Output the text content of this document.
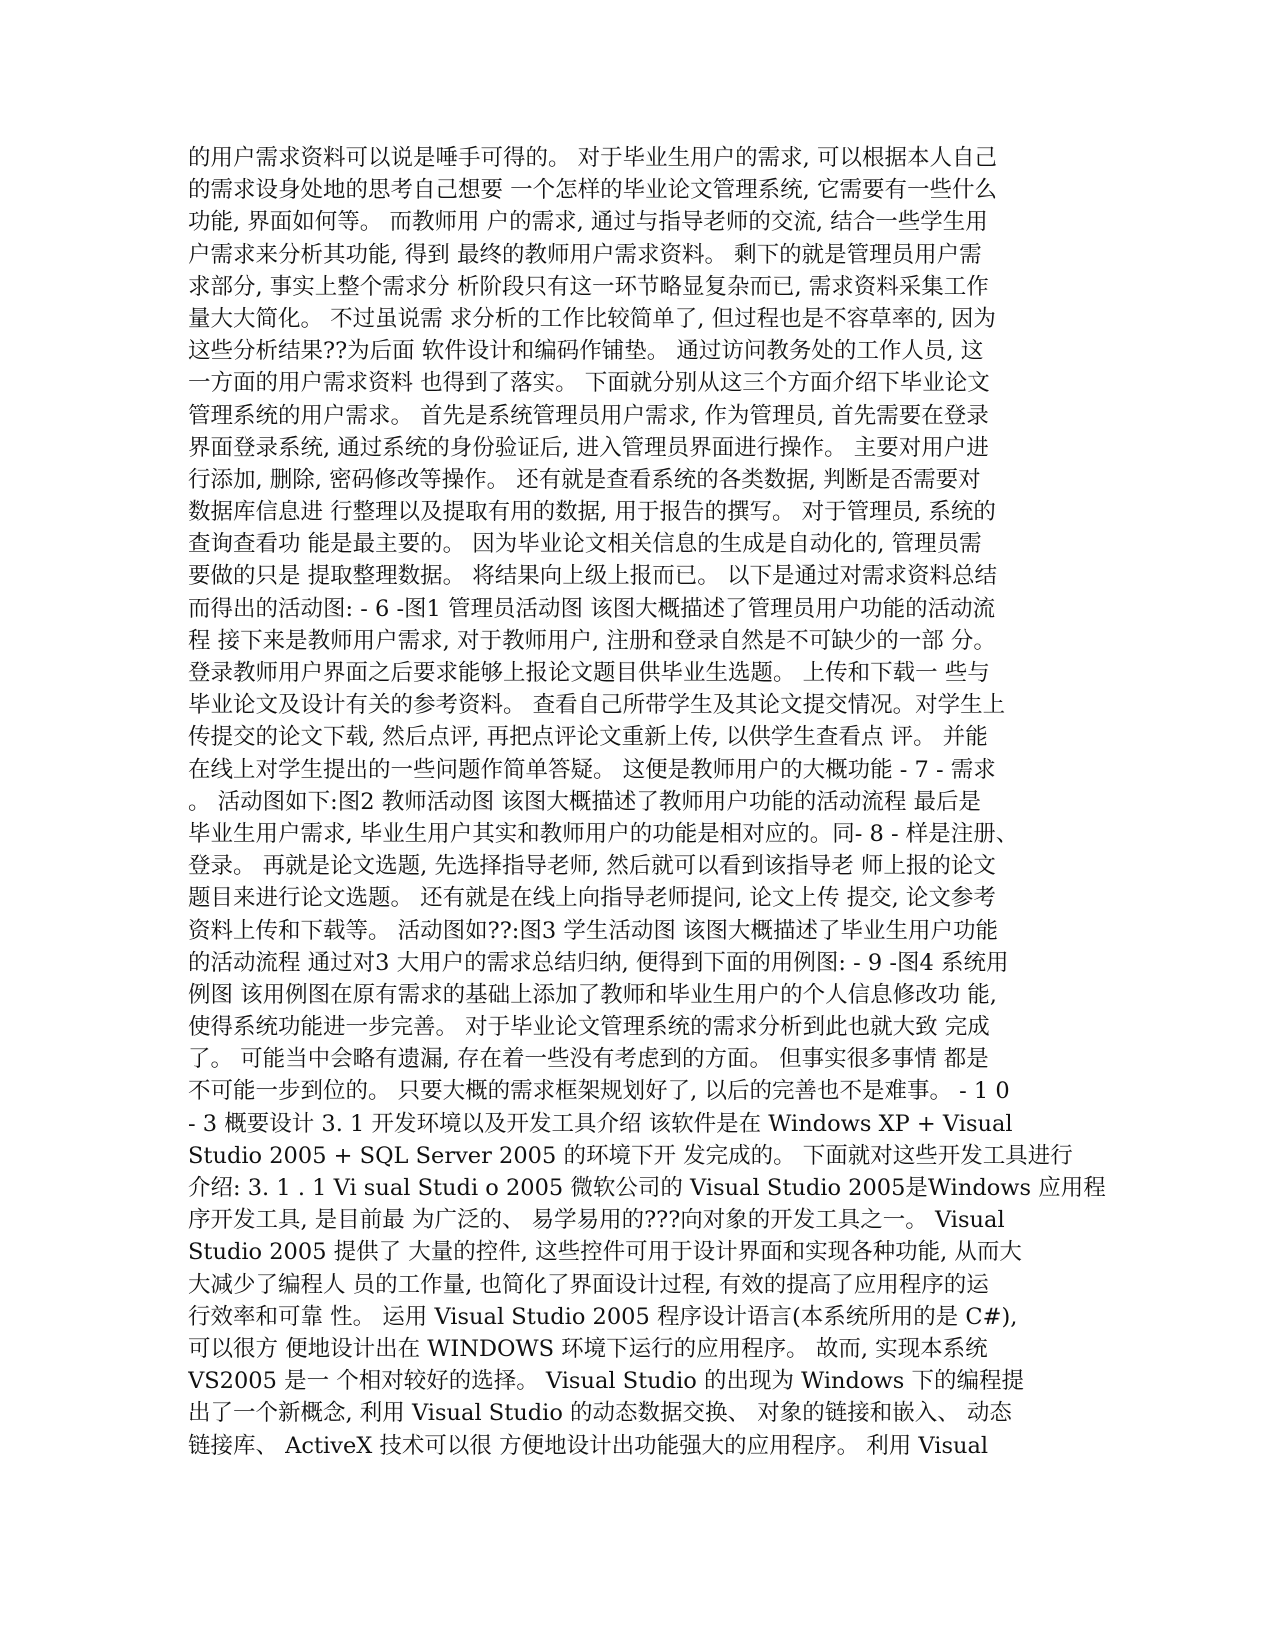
的用户需求资料可以说是唾手可得的。 对于毕业生用户的需求, 可以根据本人自己
的需求设身处地的思考自己想要 一个怎样的毕业论文管理系统, 它需要有一些什么
功能, 界面如何等。 而教师用 户的需求, 通过与指导老师的交流, 结合一些学生用
户需求来分析其功能, 得到 最终的教师用户需求资料。 剩下的就是管理员用户需
求部分, 事实上整个需求分 析阶段只有这一环节略显复杂而已, 需求资料采集工作
量大大简化。 不过虽说需 求分析的工作比较简单了, 但过程也是不容草率的, 因为
这些分析结果??为后面 软件设计和编码作铺垫。 通过访问教务处的工作人员, 这
一方面的用户需求资料 也得到了落实。 下面就分别从这三个方面介绍下毕业论文
管理系统的用户需求。 首先是系统管理员用户需求, 作为管理员, 首先需要在登录
界面登录系统, 通过系统的身份验证后, 进入管理员界面进行操作。 主要对用户进
行添加, 删除, 密码修改等操作。 还有就是查看系统的各类数据, 判断是否需要对
数据库信息进 行整理以及提取有用的数据, 用于报告的撰写。 对于管理员, 系统的
查询查看功 能是最主要的。 因为毕业论文相关信息的生成是自动化的, 管理员需
要做的只是 提取整理数据。 将结果向上级上报而已。 以下是通过对需求资料总结
而得出的活动图: - 6 -图1 管理员活动图 该图大概描述了管理员用户功能的活动流
程 接下来是教师用户需求, 对于教师用户, 注册和登录自然是不可缺少的一部 分。
登录教师用户界面之后要求能够上报论文题目供毕业生选题。 上传和下载一 些与
毕业论文及设计有关的参考资料。 查看自己所带学生及其论文提交情况。对学生上
传提交的论文下载, 然后点评, 再把点评论文重新上传, 以供学生查看点 评。 并能
在线上对学生提出的一些问题作简单答疑。 这便是教师用户的大概功能 - 7 - 需求
。 活动图如下:图2 教师活动图 该图大概描述了教师用户功能的活动流程 最后是
毕业生用户需求, 毕业生用户其实和教师用户的功能是相对应的。同- 8 - 样是注册、
登录。 再就是论文选题, 先选择指导老师, 然后就可以看到该指导老 师上报的论文
题目来进行论文选题。 还有就是在线上向指导老师提问, 论文上传 提交, 论文参考
资料上传和下载等。 活动图如??:图3 学生活动图 该图大概描述了毕业生用户功能
的活动流程 通过对3 大用户的需求总结归纳, 便得到下面的用例图: - 9 -图4 系统用
例图 该用例图在原有需求的基础上添加了教师和毕业生用户的个人信息修改功 能,
使得系统功能进一步完善。 对于毕业论文管理系统的需求分析到此也就大致 完成
了。 可能当中会略有遗漏, 存在着一些没有考虑到的方面。 但事实很多事情 都是
不可能一步到位的。 只要大概的需求框架规划好了, 以后的完善也不是难事。 - 1 0
- 3 概要设计 3. 1 开发环境以及开发工具介绍 该软件是在 Windows XP + Visual
Studio 2005 + SQL Server 2005 的环境下开 发完成的。 下面就对这些开发工具进行
介绍: 3. 1 . 1 Vi sual Studi o 2005 微软公司的 Visual Studio 2005是Windows 应用程
序开发工具, 是目前最 为广泛的、 易学易用的???向对象的开发工具之一。 Visual
Studio 2005 提供了 大量的控件, 这些控件可用于设计界面和实现各种功能, 从而大
大减少了编程人 员的工作量, 也简化了界面设计过程, 有效的提高了应用程序的运
行效率和可靠 性。 运用 Visual Studio 2005 程序设计语言(本系统所用的是 C#),
可以很方 便地设计出在 WINDOWS 环境下运行的应用程序。 故而, 实现本系统
VS2005 是一 个相对较好的选择。 Visual Studio 的出现为 Windows 下的编程提
出了一个新概念, 利用 Visual Studio 的动态数据交换、 对象的链接和嵌入、 动态
链接库、 ActiveX 技术可以很 方便地设计出功能强大的应用程序。 利用 Visual
